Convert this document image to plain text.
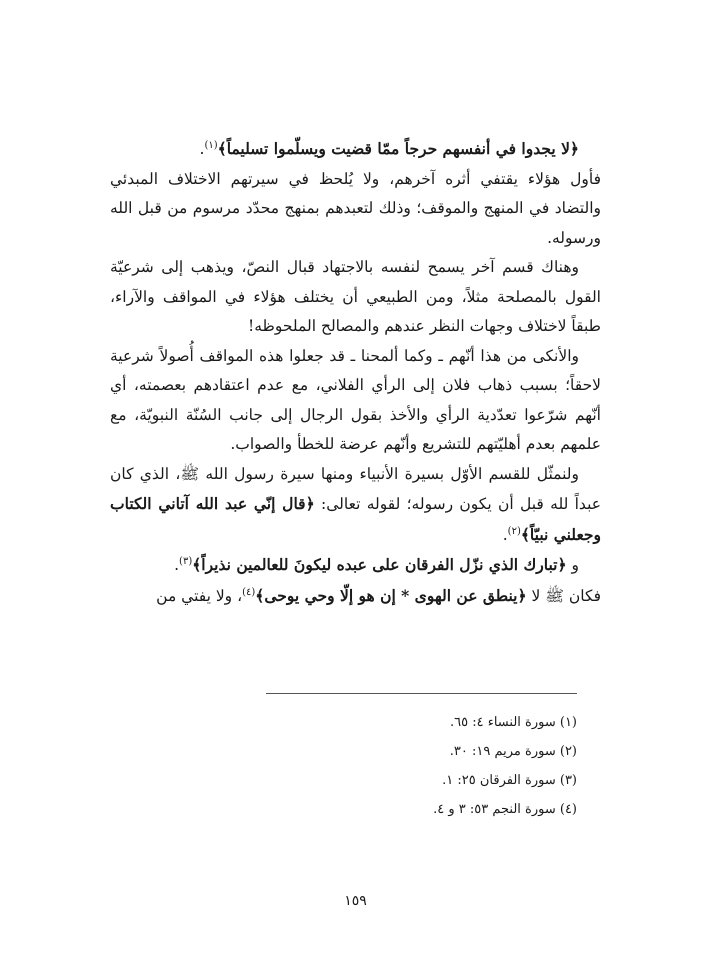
﴿لا يجدوا في أنفسهم حرجاً ممّا قضيت ويسلّموا تسليماً﴾$^{(١)}$.

فأول هؤلاء يقتفي أثره آخرهم، ولا يُلحظ في سيرتهم الاختلاف المبدئي والتضاد في المنهج والموقف؛ وذلك لتعبدهم بمنهج محدّد مرسوم من قبل الله ورسوله.

وهناك قسم آخر يسمح لنفسه بالاجتهاد قبال النصّ، ويذهب إلى شرعيّة القول بالمصلحة مثلاً، ومن الطبيعي أن يختلف هؤلاء في المواقف والآراء، طبقاً لاختلاف وجهات النظر عندهم والمصالح الملحوظه!

والأنكى من هذا أنّهم ـ وكما ألمحنا ـ قد جعلوا هذه المواقف أُصولاً شرعية لاحقاً؛ بسبب ذهاب فلان إلى الرأي الفلاني، مع عدم اعتقادهم بعصمته، أي أنّهم شرّعوا تعدّدية الرأي والأخذ بقول الرجال إلى جانب السُنّة النبويّة، مع علمهم بعدم أهليّتهم للتشريع وأنّهم عرضة للخطأ والصواب.

ولنمثّل للقسم الأوّل بسيرة الأنبياء ومنها سيرة رسول الله ﷺ، الذي كان عبداً لله قبل أن يكون رسوله؛ لقوله تعالى: ﴿قال إنّي عبد الله آتاني الكتاب وجعلني نبيّاً﴾$^{(٢)}$.

و ﴿تبارك الذي نزّل الفرقان على عبده ليكونَ للعالمين نذيراً﴾$^{(٣)}$.

فكان ﷺ لا ﴿ينطق عن الهوى * إن هو إلّا وحي يوحى﴾$^{(٤)}$، ولا يفتي من

(١) سورة النساء ٤: ٦٥.

(٢) سورة مريم ١٩: ٣٠.

(٣) سورة الفرقان ٢٥: ١.

(٤) سورة النجم ٥٣: ٣ و ٤.

١٥٩
